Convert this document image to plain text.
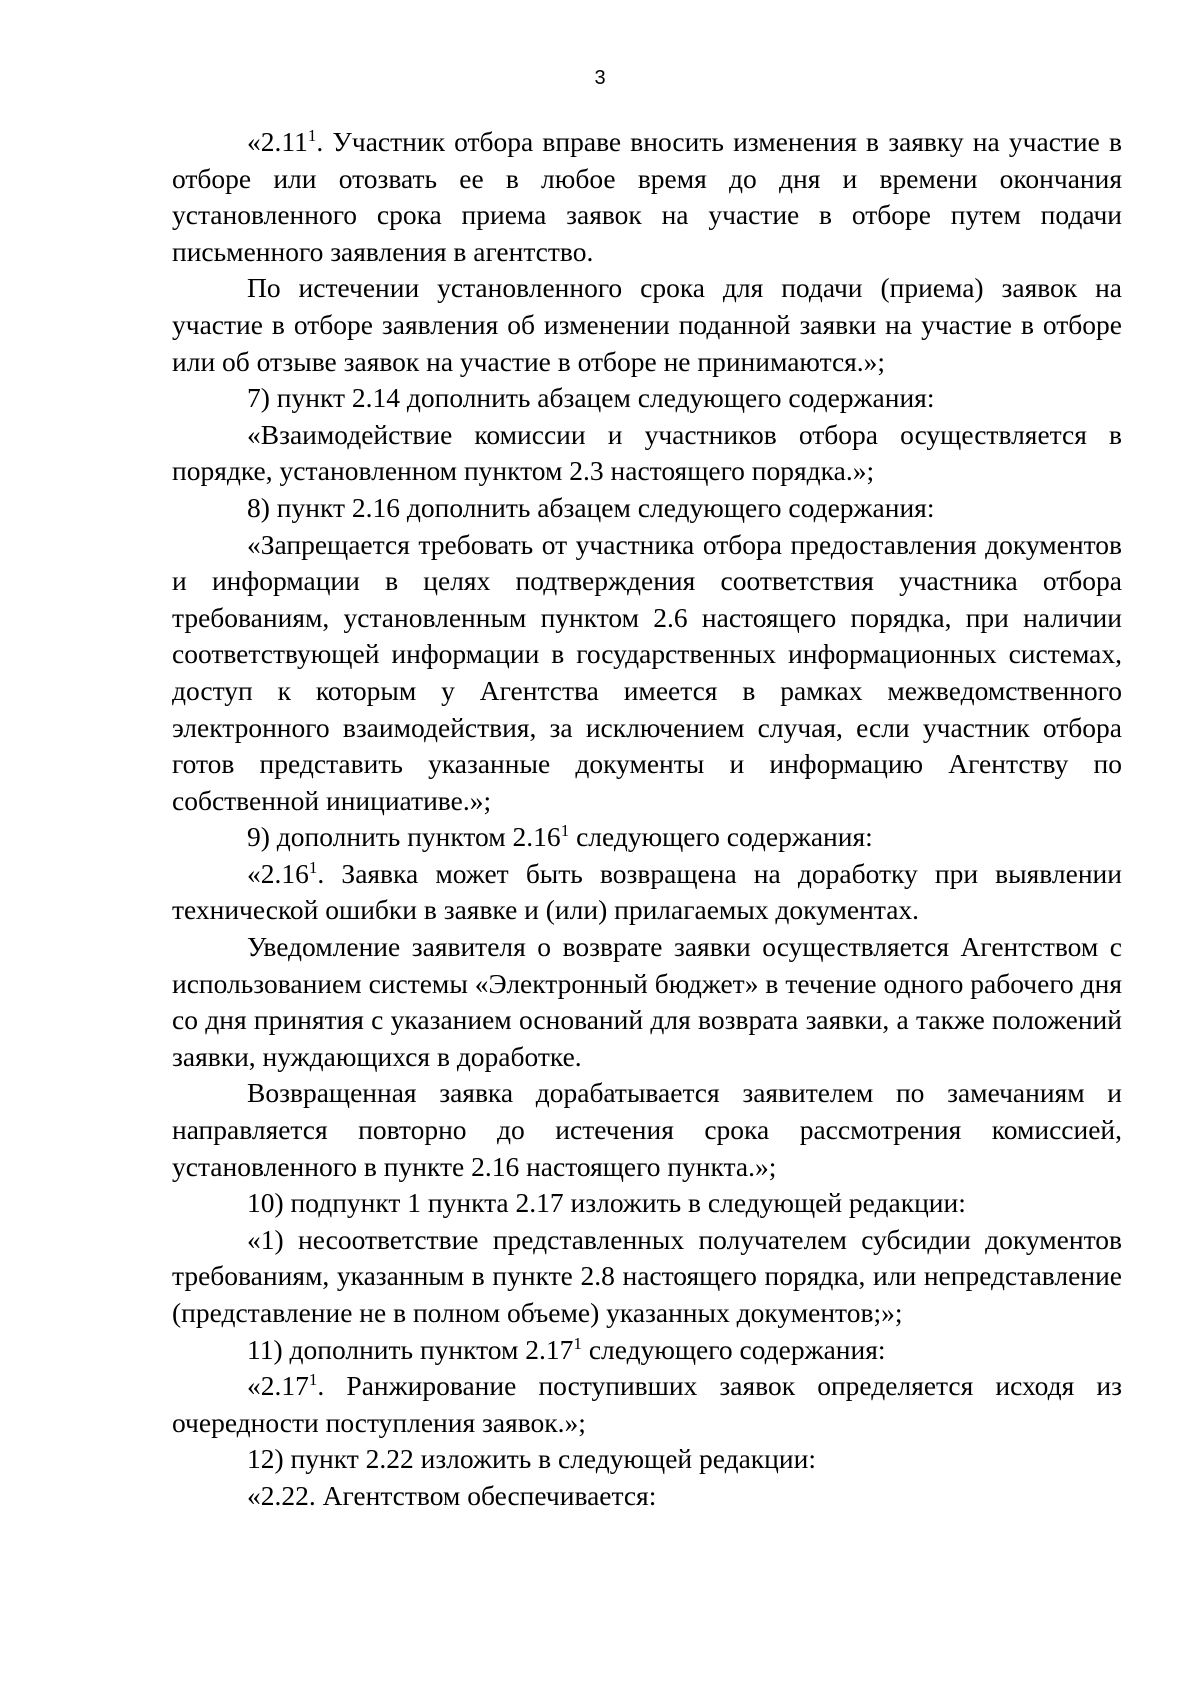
3

«2.11$^1$. Участник отбора вправе вносить изменения в заявку на участие в отборе или отозвать ее в любое время до дня и времени окончания установленного срока приема заявок на участие в отборе путем подачи письменного заявления в агентство.

По истечении установленного срока для подачи (приема) заявок на участие в отборе заявления об изменении поданной заявки на участие в отборе или об отзыве заявок на участие в отборе не принимаются.»;

7) пункт 2.14 дополнить абзацем следующего содержания:

«Взаимодействие комиссии и участников отбора осуществляется в порядке, установленном пунктом 2.3 настоящего порядка.»;

8) пункт 2.16 дополнить абзацем следующего содержания:

«Запрещается требовать от участника отбора предоставления документов и информации в целях подтверждения соответствия участника отбора требованиям, установленным пунктом 2.6 настоящего порядка, при наличии соответствующей информации в государственных информационных системах, доступ к которым у Агентства имеется в рамках межведомственного электронного взаимодействия, за исключением случая, если участник отбора готов представить указанные документы и информацию Агентству по собственной инициативе.»;

9) дополнить пунктом 2.16$^1$ следующего содержания:

«2.16$^1$. Заявка может быть возвращена на доработку при выявлении технической ошибки в заявке и (или) прилагаемых документах.

Уведомление заявителя о возврате заявки осуществляется Агентством с использованием системы «Электронный бюджет» в течение одного рабочего дня со дня принятия с указанием оснований для возврата заявки, а также положений заявки, нуждающихся в доработке.

Возвращенная заявка дорабатывается заявителем по замечаниям и направляется повторно до истечения срока рассмотрения комиссией, установленного в пункте 2.16 настоящего пункта.»;

10) подпункт 1 пункта 2.17 изложить в следующей редакции:

«1) несоответствие представленных получателем субсидии документов требованиям, указанным в пункте 2.8 настоящего порядка, или непредставление (представление не в полном объеме) указанных документов;»;

11) дополнить пунктом 2.17$^1$ следующего содержания:

«2.17$^1$. Ранжирование поступивших заявок определяется исходя из очередности поступления заявок.»;

12) пункт 2.22 изложить в следующей редакции:

«2.22. Агентством обеспечивается:
